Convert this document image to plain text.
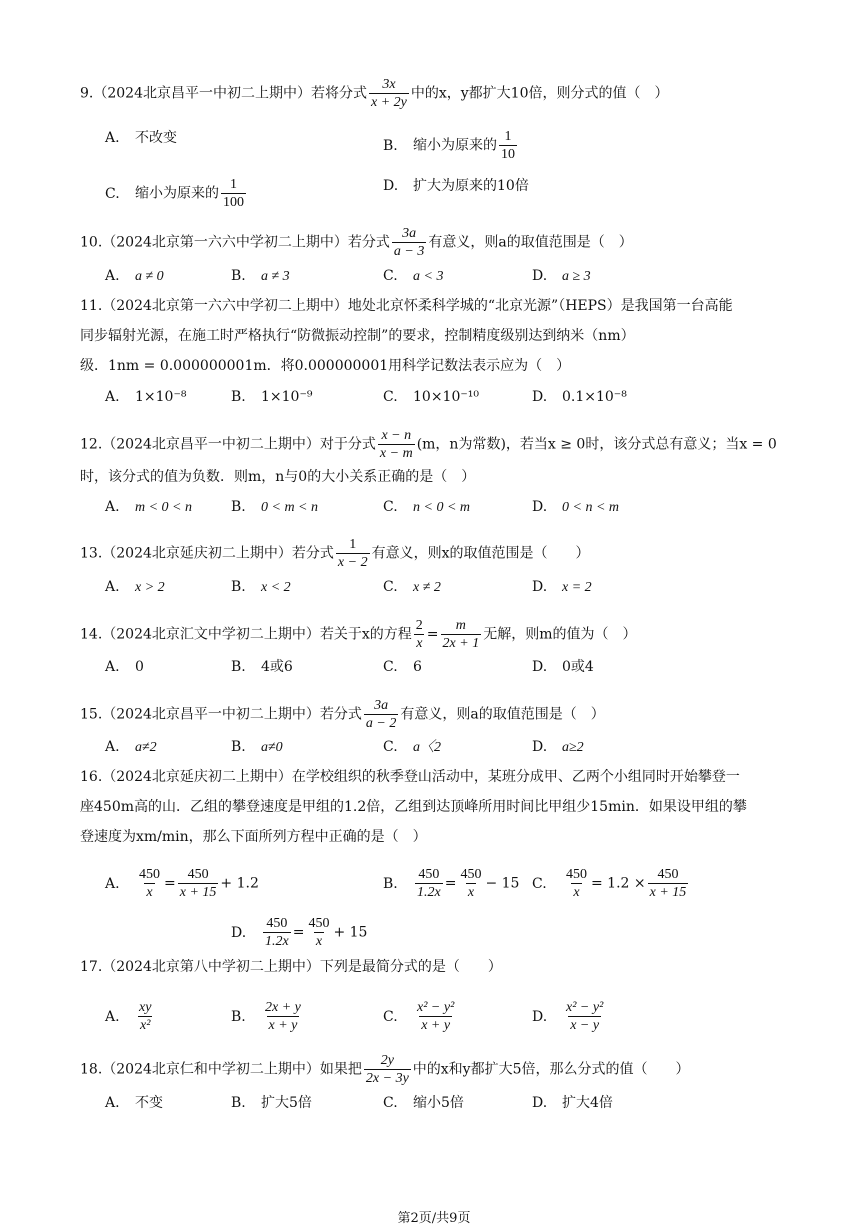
9.（2024北京昌平一中初二上期中）若将分式 $\frac{3x}{x + 2y}$ 中的x，y都扩大10倍，则分式的值（　）
A. 不改变	B. 缩小为原来的 $\frac{1}{10}$
C. 缩小为原来的 $\frac{1}{100}$	D. 扩大为原来的10倍
10.（2024北京第一六六中学初二上期中）若分式 $\frac{3a}{a - 3}$ 有意义，则a的取值范围是（　）
A. a ≠ 0	B. a ≠ 3	C. a < 3	D. a ≥ 3
11.（2024北京第一六六中学初二上期中）地处北京怀柔科学城的“北京光源”（HEPS）是我国第一台高能
同步辐射光源，在施工时严格执行“防微振动控制”的要求，控制精度级别达到纳米（nm）
级．1nm = 0.000000001m．将0.000000001用科学记数法表示应为（　）
A. 1×10⁻⁸	B. 1×10⁻⁹	C. 10×10⁻¹⁰	D. 0.1×10⁻⁸
12.（2024北京昌平一中初二上期中）对于分式 $\frac{x - n}{x - m} (m$，n为常数)，若当x ≥ 0时，该分式总有意义；当x = 0
时，该分式的值为负数．则m，n与0的大小关系正确的是（　）
A. m < 0 < n	B. 0 < m < n	C. n < 0 < m	D. 0 < n < m
13.（2024北京延庆初二上期中）若分式 $\frac{1}{x - 2}$ 有意义，则x的取值范围是（　　）
A. x > 2	B. x < 2	C. x ≠ 2	D. x = 2
14.（2024北京汇文中学初二上期中）若关于x的方程 $\frac{2}{x} = \frac{m}{2x + 1}$ 无解，则m的值为（　）
A. 0	B. 4或6	C. 6	D. 0或4
15.（2024北京昌平一中初二上期中）若分式 $\frac{3a}{a - 2}$ 有意义，则a的取值范围是（　）
A. a≠2	B. a≠0	C. a〈2	D. a≥2
16.（2024北京延庆初二上期中）在学校组织的秋季登山活动中，某班分成甲、乙两个小组同时开始攀登一
座450m高的山．乙组的攀登速度是甲组的1.2倍，乙组到达顶峰所用时间比甲组少15min．如果设甲组的攀
登速度为xm/min，那么下面所列方程中正确的是（　）
A. $\frac{450}{x} = \frac{450}{x + 15} + 1.2$	B. $\frac{450}{1.2x} = \frac{450}{x} - 15$ C. $\frac{450}{x} = 1.2 \times \frac{450}{x + 15}$
D. $\frac{450}{1.2x} = \frac{450}{x} + 15$
17.（2024北京第八中学初二上期中）下列是最简分式的是（　　）
A. $\frac{xy}{\text{x²}}$	B. $\frac{2x + y}{x + y}$	C. $\frac{\text{x² − y²}}{x + y}$	D. $\frac{\text{x² − y²}}{x - y}$
18.（2024北京仁和中学初二上期中）如果把 $\frac{2y}{2x - 3y}$ 中的x和y都扩大5倍，那么分式的值（　　）
A. 不变	B. 扩大5倍	C. 缩小5倍	D. 扩大4倍
第2页/共9页
